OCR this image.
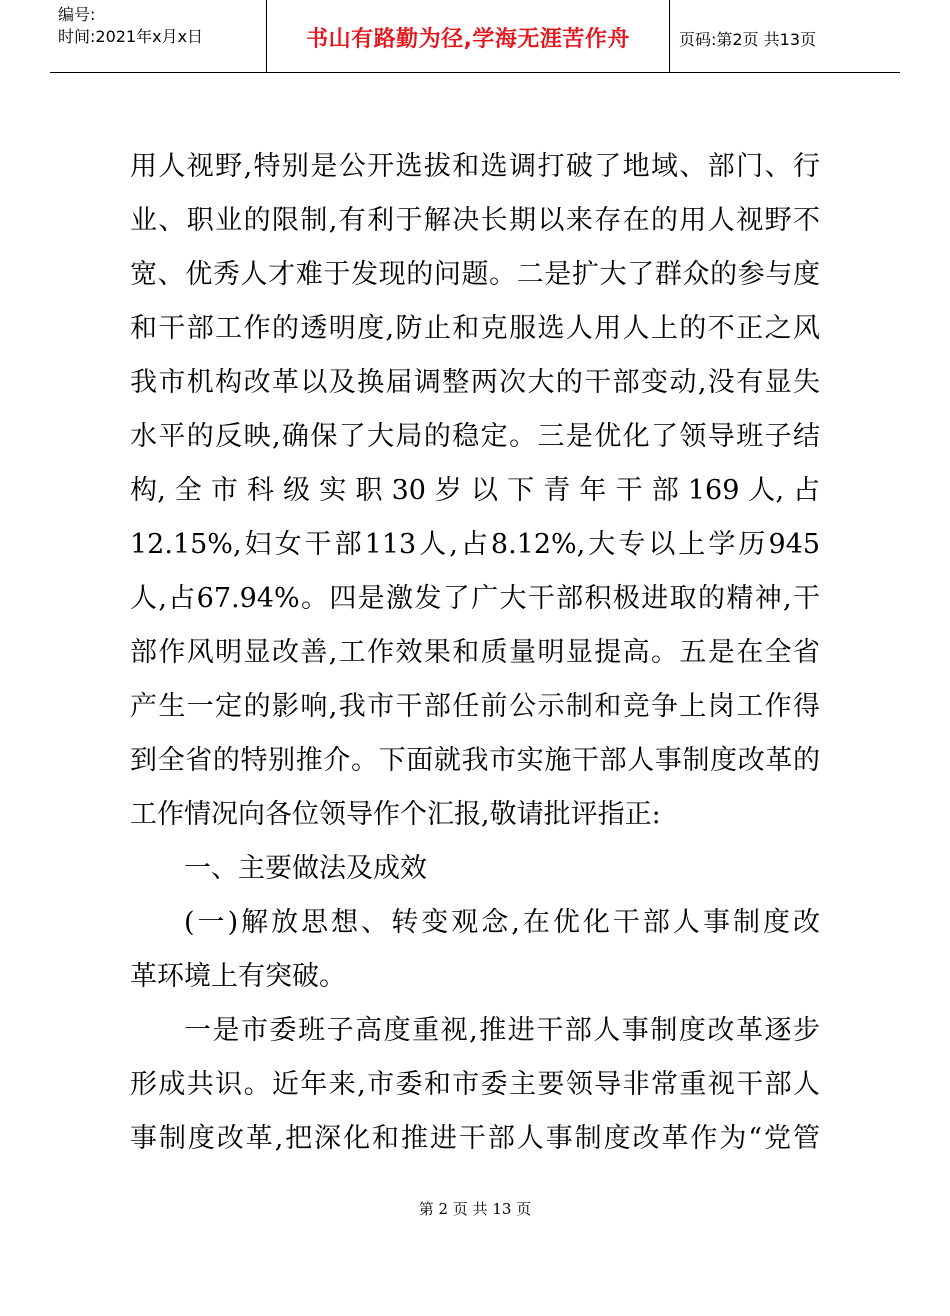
编号:
时间:2021年x月x日	书山有路勤为径,学海无涯苦作舟	页码:第2页 共13页
用人视野,特别是公开选拔和选调打破了地域、部门、行
业、职业的限制,有利于解决长期以来存在的用人视野不
宽、优秀人才难于发现的问题。二是扩大了群众的参与度
和干部工作的透明度,防止和克服选人用人上的不正之风
我市机构改革以及换届调整两次大的干部变动,没有显失
水平的反映,确保了大局的稳定。三是优化了领导班子结
构, 全 市 科 级 实 职 30 岁 以 下 青 年 干 部 169 人, 占
12.15%,妇女干部113人,占8.12%,大专以上学历945
人,占67.94%。四是激发了广大干部积极进取的精神,干
部作风明显改善,工作效果和质量明显提高。五是在全省
产生一定的影响,我市干部任前公示制和竞争上岗工作得
到全省的特别推介。下面就我市实施干部人事制度改革的
工作情况向各位领导作个汇报,敬请批评指正:
一、主要做法及成效
(一)解放思想、转变观念,在优化干部人事制度改
革环境上有突破。
一是市委班子高度重视,推进干部人事制度改革逐步
形成共识。近年来,市委和市委主要领导非常重视干部人
事制度改革,把深化和推进干部人事制度改革作为“党管
第 2 页 共 13 页
